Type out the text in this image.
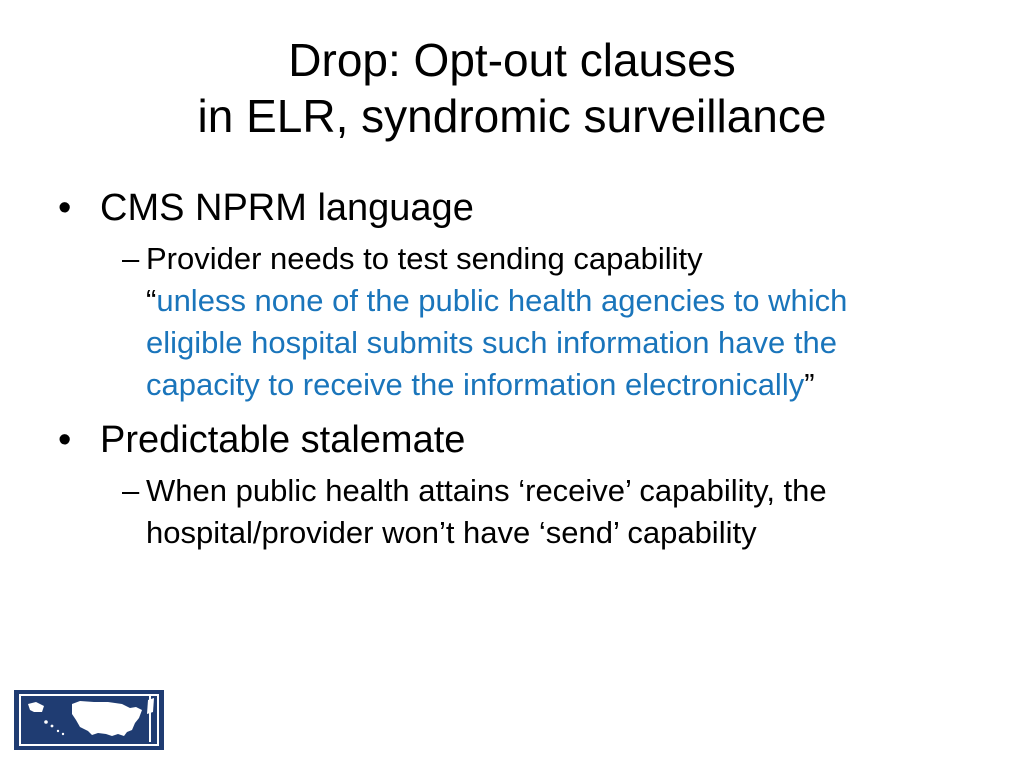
Drop: Opt-out clauses
in ELR, syndromic surveillance
• CMS NPRM language
– Provider needs to test sending capability
“unless none of the public health agencies to which eligible hospital submits such information have the capacity to receive the information electronically”
• Predictable stalemate
– When public health attains ‘receive’ capability, the hospital/provider won’t have ‘send’ capability
